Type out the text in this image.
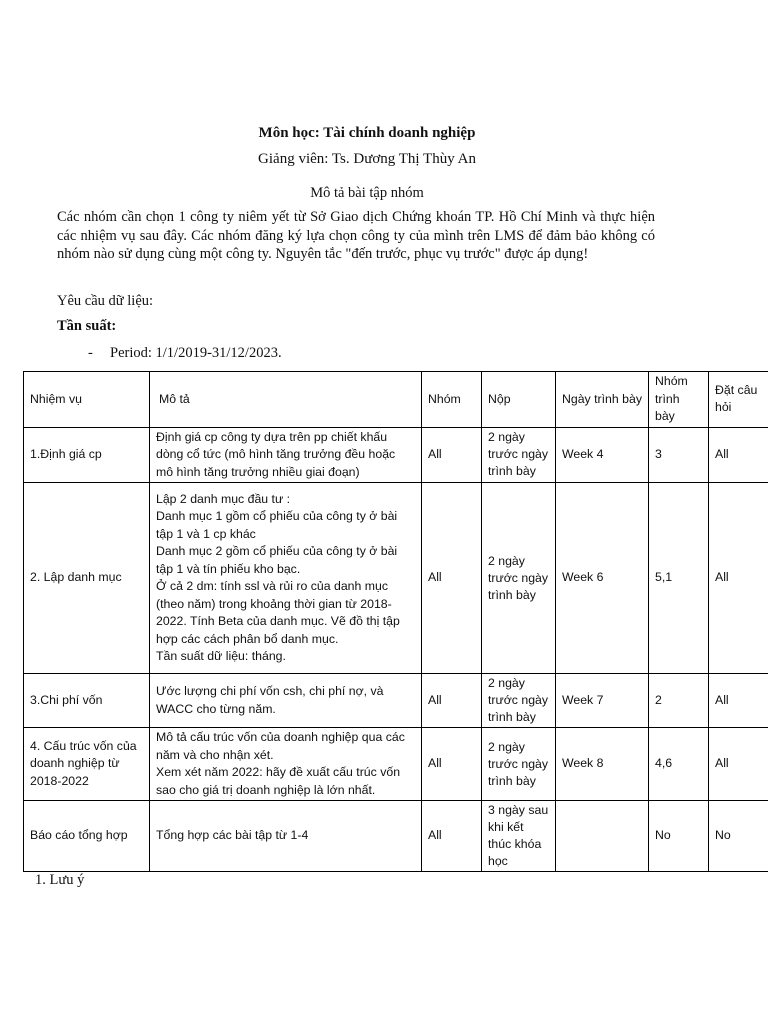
Môn học: Tài chính doanh nghiệp
Giảng viên: Ts. Dương Thị Thùy An
Mô tả bài tập nhóm

Các nhóm cần chọn 1 công ty niêm yết từ Sở Giao dịch Chứng khoán TP. Hồ Chí Minh và thực hiện các nhiệm vụ sau đây. Các nhóm đăng ký lựa chọn công ty của mình trên LMS để đảm bảo không có nhóm nào sử dụng cùng một công ty. Nguyên tắc "đến trước, phục vụ trước" được áp dụng!

Yêu cầu dữ liệu:
Tần suất:
- Period: 1/1/2019-31/12/2023.
Nhiệm vụ	Mô tả	Nhóm	Nộp	Ngày trình bày	Nhóm trình bày	Đặt câu hỏi
1.Định giá cp	Định giá cp công ty dựa trên pp chiết khấu dòng cổ tức (mô hình tăng trưởng đều hoặc mô hình tăng trưởng nhiều giai đoạn)	All	2 ngày trước ngày trình bày	Week 4	3	All
2. Lập danh mục	Lập 2 danh mục đầu tư :
Danh mục 1 gồm cổ phiếu của công ty ở bài tập 1 và 1 cp khác
Danh mục 2 gồm cổ phiếu của công ty ở bài tập 1 và tín phiếu kho bạc.
Ở cả 2 dm: tính ssl và rủi ro của danh mục (theo năm) trong khoảng thời gian từ 2018-2022. Tính Beta của danh mục. Vẽ đồ thị tập hợp các cách phân bổ danh mục.
Tần suất dữ liệu: tháng.	All	2 ngày trước ngày trình bày	Week 6	5,1	All
3.Chi phí vốn	Ước lượng chi phí vốn csh, chi phí nợ, và WACC cho từng năm.	All	2 ngày trước ngày trình bày	Week 7	2	All
4. Cấu trúc vốn của doanh nghiệp từ 2018-2022	Mô tả cấu trúc vốn của doanh nghiệp qua các năm và cho nhận xét.
Xem xét năm 2022: hãy đề xuất cấu trúc vốn sao cho giá trị doanh nghiệp là lớn nhất.	All	2 ngày trước ngày trình bày	Week 8	4,6	All
Báo cáo tổng hợp	Tổng hợp các bài tập từ 1-4	All	3 ngày sau khi kết thúc khóa học		No	No
1. Lưu ý
